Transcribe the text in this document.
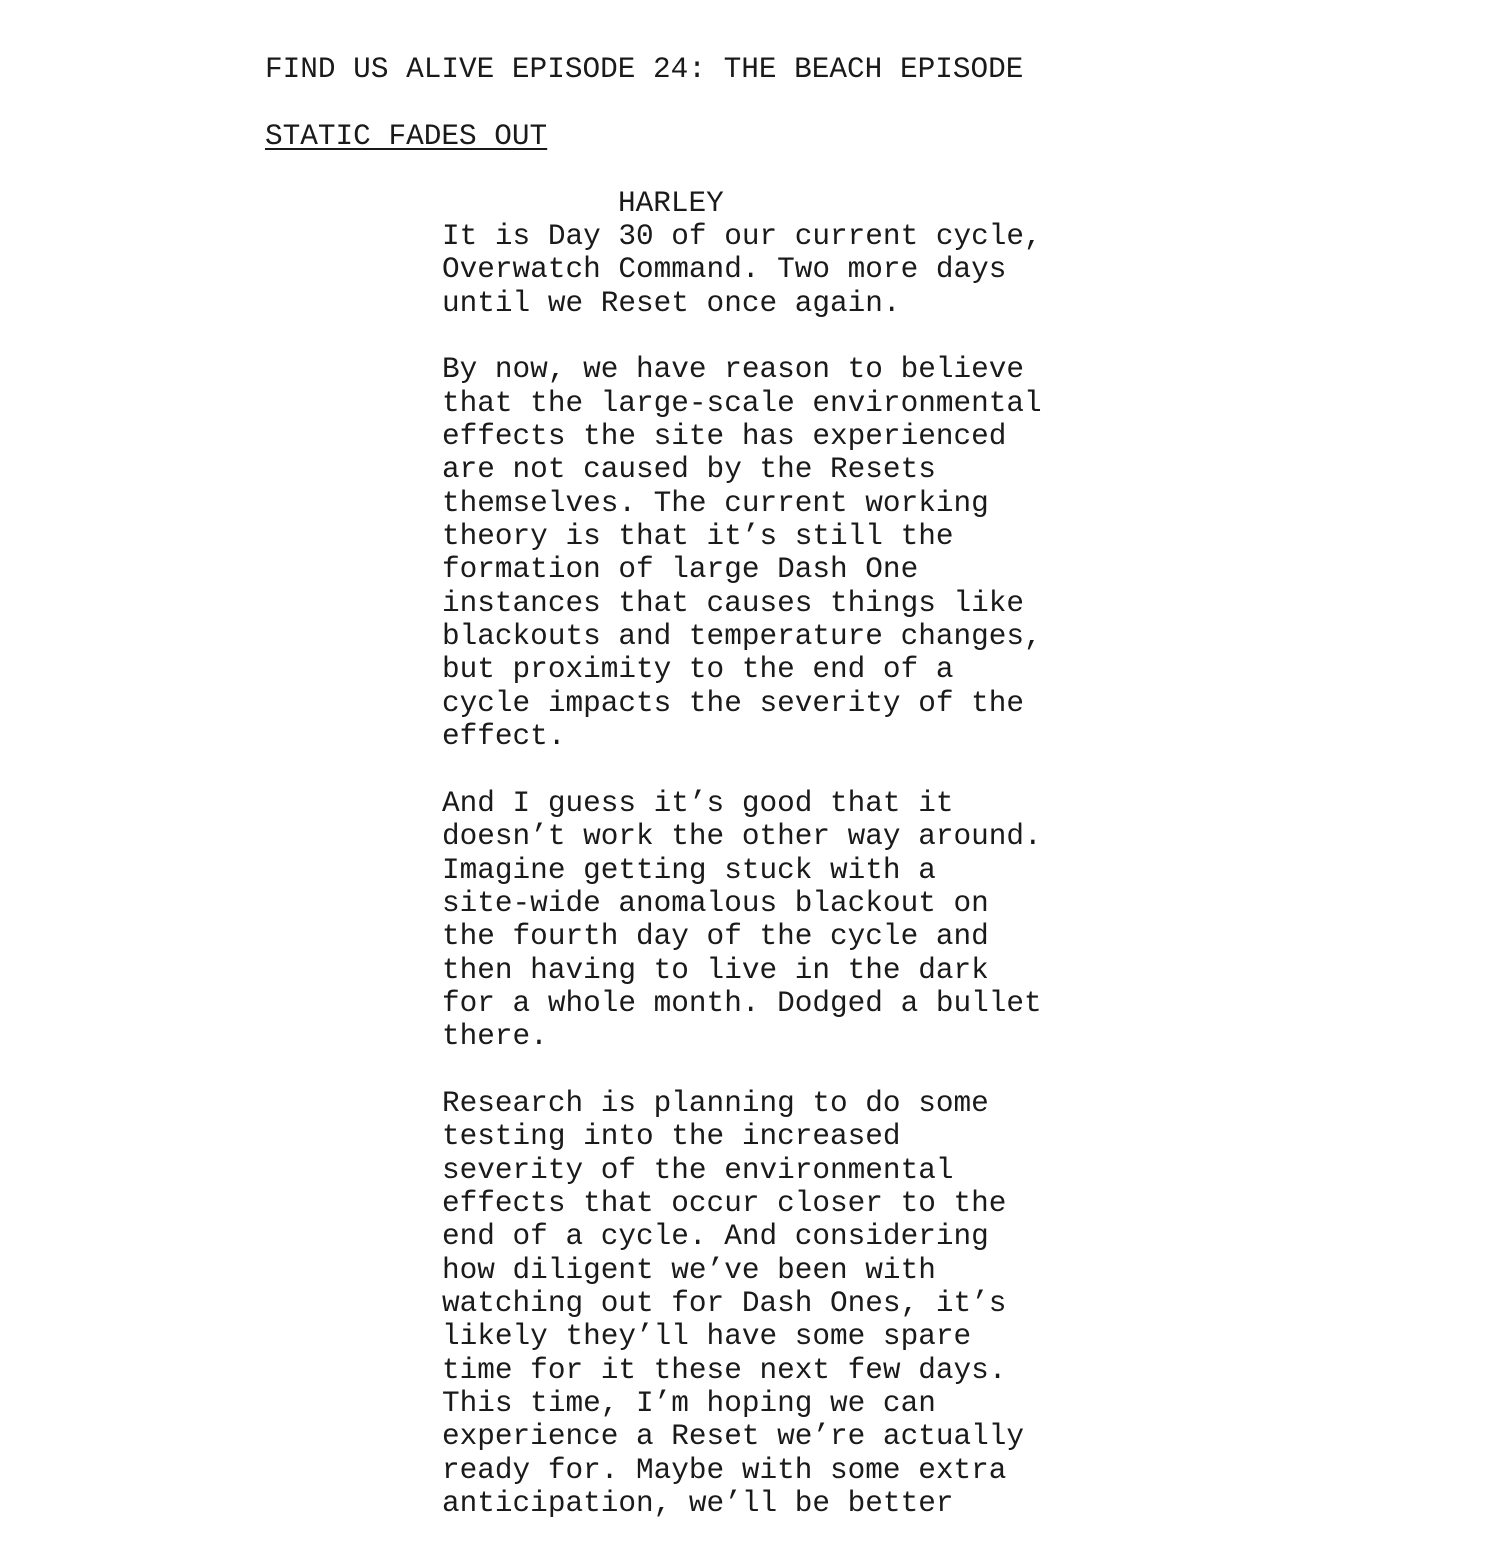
FIND US ALIVE EPISODE 24: THE BEACH EPISODE
STATIC FADES OUT
HARLEY
It is Day 30 of our current cycle,
Overwatch Command. Two more days
until we Reset once again.
By now, we have reason to believe
that the large-scale environmental
effects the site has experienced
are not caused by the Resets
themselves. The current working
theory is that it’s still the
formation of large Dash One
instances that causes things like
blackouts and temperature changes,
but proximity to the end of a
cycle impacts the severity of the
effect.
And I guess it’s good that it
doesn’t work the other way around.
Imagine getting stuck with a
site-wide anomalous blackout on
the fourth day of the cycle and
then having to live in the dark
for a whole month. Dodged a bullet
there.
Research is planning to do some
testing into the increased
severity of the environmental
effects that occur closer to the
end of a cycle. And considering
how diligent we’ve been with
watching out for Dash Ones, it’s
likely they’ll have some spare
time for it these next few days.
This time, I’m hoping we can
experience a Reset we’re actually
ready for. Maybe with some extra
anticipation, we’ll be better
